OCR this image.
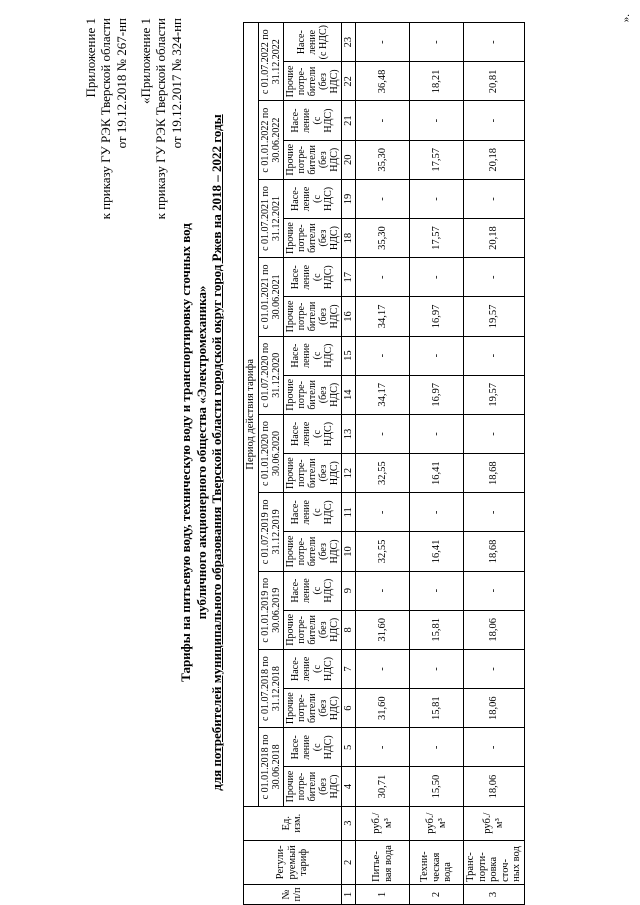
Приложение 1 к приказу ГУ РЭК Тверской области от 19.12.2018 № 267-нп «Приложение 1 к приказу ГУ РЭК Тверской области от 19.12.2017 № 324-нп
Тарифы на питьевую воду, техническую воду и транспортировку сточных вод публичного акционерного общества «Электромеханика» для потребителей муниципального образования Тверской области городской округ город Ржев на 2018 – 2022 годы
№ п/п	Регули-руемый тариф	Ед. изм.	Период действия тарифа																			
			с 01.01.2018 по 30.06.2018		с 01.07.2018 по 31.12.2018		с 01.01.2019 по 30.06.2019		с 01.07.2019 по 31.12.2019		с 01.01.2020 по 30.06.2020		с 01.07.2020 по 31.12.2020		с 01.01.2021 по 30.06.2021		с 01.07.2021 по 31.12.2021		с 01.01.2022 по 30.06.2022		с 01.07.2022 по 31.12.2022	
			Прочие потре-бители (без НДС)	Насе-ление (с НДС)	Прочие потре-бители (без НДС)	Насе-ление (с НДС)	Прочие потре-бители (без НДС)	Насе-ление (с НДС)	Прочие потре-бители (без НДС)	Насе-ление (с НДС)	Прочие потре-бители (без НДС)	Насе-ление (с НДС)	Прочие потре-бители (без НДС)	Насе-ление (с НДС)	Прочие потре-бители (без НДС)	Насе-ление (с НДС)	Прочие потре-бители (без НДС)	Насе-ление (с НДС)	Прочие потре-бители (без НДС)	Насе-ление (с НДС)	Прочие потре-бители (без НДС)	Насе-ление (с НДС)
1	2	3	4	5	6	7	8	9	10	11	12	13	14	15	16	17	18	19	20	21	22	23
1	Питье-вая вода	руб./м³	30,71	-	31,60	-	31,60	-	32,55	-	32,55	-	34,17	-	34,17	-	35,30	-	35,30	-	36,48	-
2	Техни-ческая вода	руб./м³	15,50	-	15,81	-	15,81	-	16,41	-	16,41	-	16,97	-	16,97	-	17,57	-	17,57	-	18,21	-
3	Транс-порти-ровка сточ-ных вод	руб./м³	18,06	-	18,06	-	18,06	-	18,68	-	18,68	-	19,57	-	19,57	-	20,18	-	20,18	-	20,81	-
».
